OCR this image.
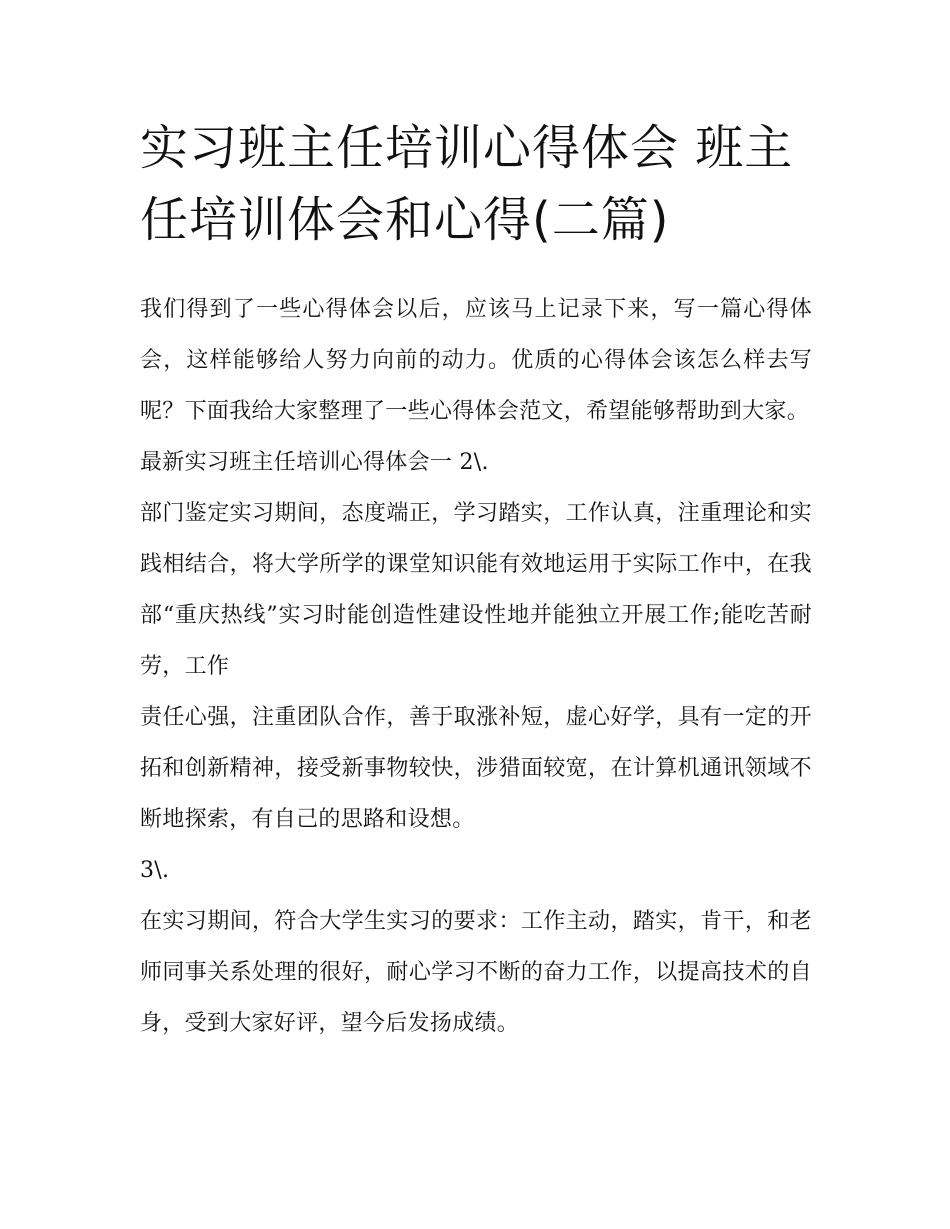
实习班主任培训心得体会 班主任培训体会和心得(二篇)

我们得到了一些心得体会以后，应该马上记录下来，写一篇心得体会，这样能够给人努力向前的动力。优质的心得体会该怎么样去写呢？下面我给大家整理了一些心得体会范文，希望能够帮助到大家。

最新实习班主任培训心得体会一 2\.

部门鉴定实习期间，态度端正，学习踏实，工作认真，注重理论和实践相结合，将大学所学的课堂知识能有效地运用于实际工作中，在我部“重庆热线”实习时能创造性建设性地并能独立开展工作;能吃苦耐劳，工作

责任心强，注重团队合作，善于取涨补短，虚心好学，具有一定的开拓和创新精神，接受新事物较快，涉猎面较宽，在计算机通讯领域不断地探索，有自己的思路和设想。

3\.

在实习期间，符合大学生实习的要求：工作主动，踏实，肯干，和老师同事关系处理的很好，耐心学习不断的奋力工作，以提高技术的自身，受到大家好评，望今后发扬成绩。
